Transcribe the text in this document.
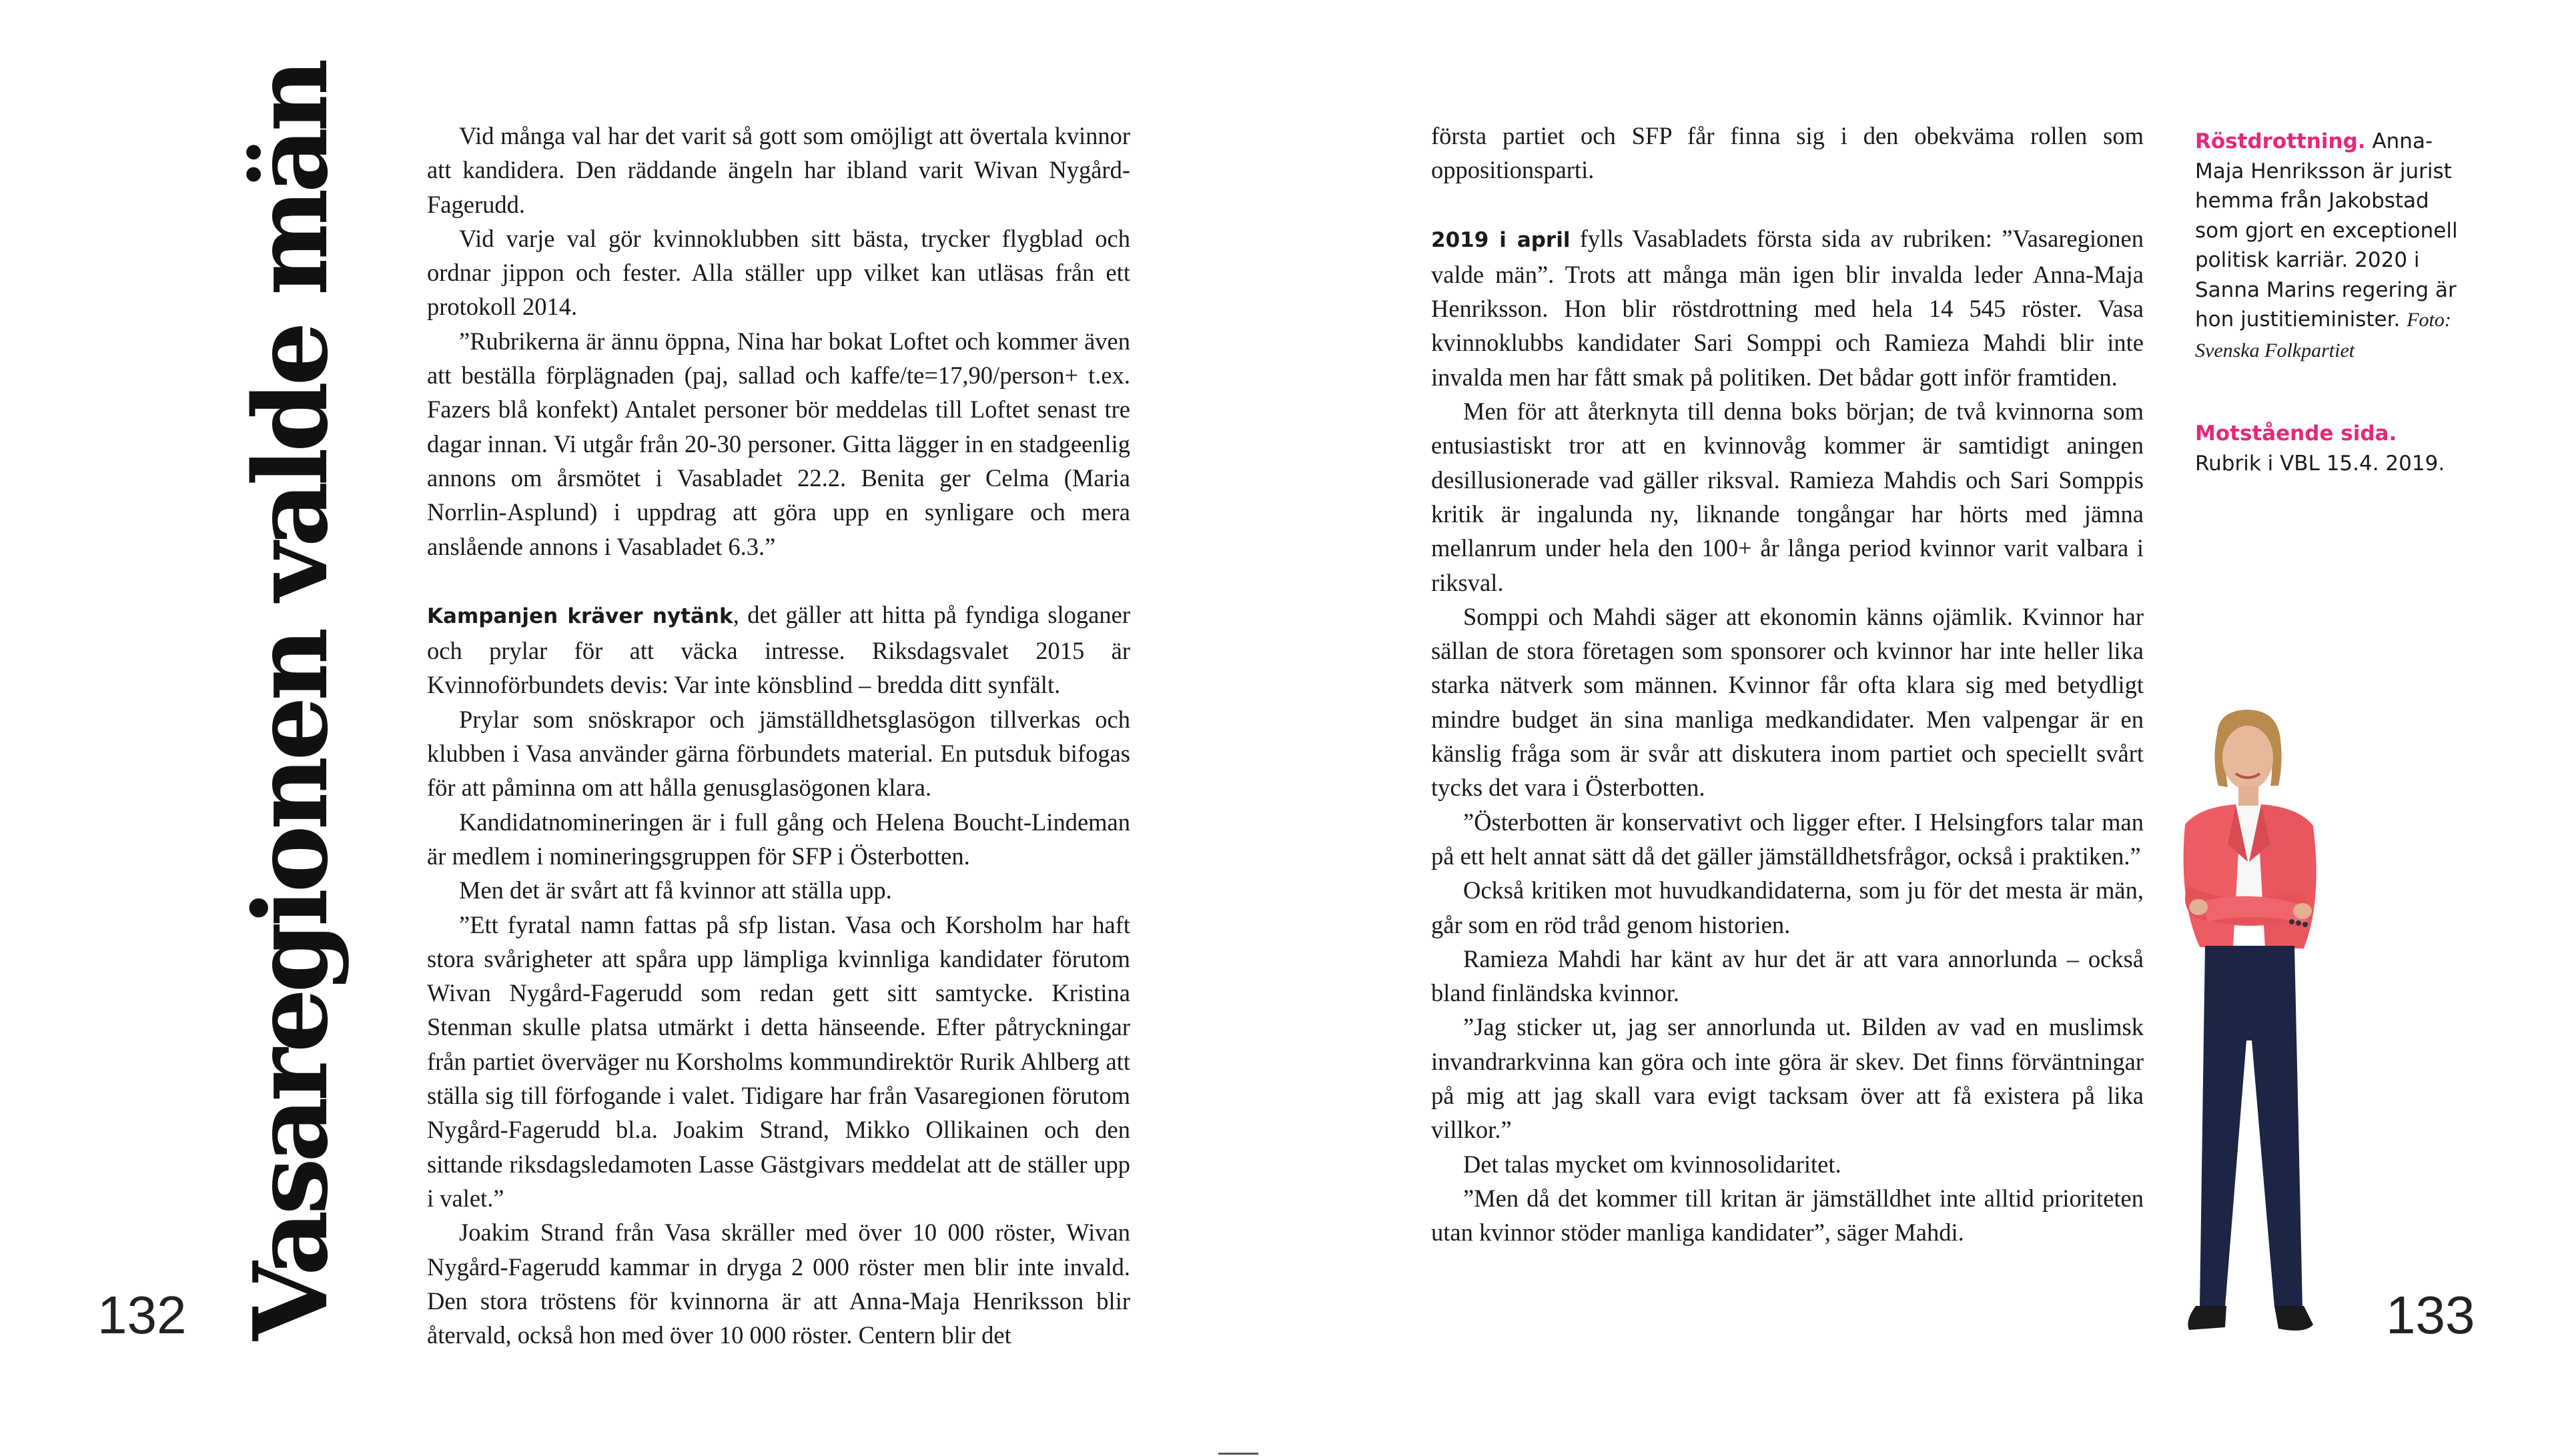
132	133
Vasaregionen valde män	Vid många val har det varit så gott som omöjligt att övertala kvinnor att kandidera. Den räddande ängeln har ibland varit Wivan Nygård-Fagerudd.

Vid varje val gör kvinnoklubben sitt bästa, trycker flygblad och ordnar jippon och fester. Alla ställer upp vilket kan utläsas från ett protokoll 2014.

”Rubrikerna är ännu öppna, Nina har bokat Loftet och kommer även att beställa förplägnaden (paj, sallad och kaffe/te=17,90/person+ t.ex. Fazers blå konfekt) Antalet personer bör meddelas till Loftet senast tre dagar innan. Vi utgår från 20-30 personer. Gitta lägger in en stadgeenlig annons om årsmötet i Vasabladet 22.2. Benita ger Celma (Maria Norrlin-Asplund) i uppdrag att göra upp en synligare och mera anslående annons i Vasabladet 6.3.”

Kampanjen kräver nytänk, det gäller att hitta på fyndiga sloganer och prylar för att väcka intresse. Riksdagsvalet 2015 är Kvinnoförbundets devis: Var inte könsblind – bredda ditt synfält.

Prylar som snöskrapor och jämställdhetsglasögon tillverkas och klubben i Vasa använder gärna förbundets material. En putsduk bifogas för att påminna om att hålla genusglasögonen klara.

Kandidatnomineringen är i full gång och Helena Boucht-Lindeman är medlem i nomineringsgruppen för SFP i Österbotten.

Men det är svårt att få kvinnor att ställa upp.

”Ett fyratal namn fattas på sfp listan. Vasa och Korsholm har haft stora svårigheter att spåra upp lämpliga kvinnliga kandidater förutom Wivan Nygård-Fagerudd som redan gett sitt samtycke. Kristina Stenman skulle platsa utmärkt i detta hänseende. Efter påtryckningar från partiet överväger nu Korsholms kommundirektör Rurik Ahlberg att ställa sig till förfogande i valet. Tidigare har från Vasaregionen förutom Nygård-Fagerudd bl.a. Joakim Strand, Mikko Ollikainen och den sittande riksdagsledamoten Lasse Gästgivars meddelat att de ställer upp i valet.”

Joakim Strand från Vasa skräller med över 10 000 röster, Wivan Nygård-Fagerudd kammar in dryga 2 000 röster men blir inte invald. Den stora tröstens för kvinnorna är att Anna-Maja Henriksson blir återvald, också hon med över 10 000 röster. Centern blir det

första partiet och SFP får finna sig i den obekväma rollen som oppositionsparti.

2019 i april fylls Vasabladets första sida av rubriken: ”Vasaregionen valde män”. Trots att många män igen blir invalda leder Anna-Maja Henriksson. Hon blir röstdrottning med hela 14 545 röster. Vasa kvinnoklubbs kandidater Sari Somppi och Ramieza Mahdi blir inte invalda men har fått smak på politiken. Det bådar gott inför framtiden.

Men för att återknyta till denna boks början; de två kvinnorna som entusiastiskt tror att en kvinnovåg kommer är samtidigt aningen desillusionerade vad gäller riksval. Ramieza Mahdis och Sari Somppis kritik är ingalunda ny, liknande tongångar har hörts med jämna mellanrum under hela den 100+ år långa period kvinnor varit valbara i riksval.

Somppi och Mahdi säger att ekonomin känns ojämlik. Kvinnor har sällan de stora företagen som sponsorer och kvinnor har inte heller lika starka nätverk som männen. Kvinnor får ofta klara sig med betydligt mindre budget än sina manliga medkandidater. Men valpengar är en känslig fråga som är svår att diskutera inom partiet och speciellt svårt tycks det vara i Österbotten.

”Österbotten är konservativt och ligger efter. I Helsingfors talar man på ett helt annat sätt då det gäller jämställdhetsfrågor, också i praktiken.”

Också kritiken mot huvudkandidaterna, som ju för det mesta är män, går som en röd tråd genom historien.

Ramieza Mahdi har känt av hur det är att vara annorlunda – också bland finländska kvinnor.

”Jag sticker ut, jag ser annorlunda ut. Bilden av vad en muslimsk invandrarkvinna kan göra och inte göra är skev. Det finns förväntningar på mig att jag skall vara evigt tacksam över att få existera på lika villkor.”

Det talas mycket om kvinnosolidaritet.

”Men då det kommer till kritan är jämställdhet inte alltid prioriteten utan kvinnor stöder manliga kandidater”, säger Mahdi.

Röstdrottning. Anna-Maja Henriksson är jurist hemma från Jakobstad som gjort en exceptionell politisk karriär. 2020 i Sanna Marins regering är hon justitieminister. Foto: Svenska Folkpartiet
Motstående sida.
Rubrik i VBL 15.4. 2019.
